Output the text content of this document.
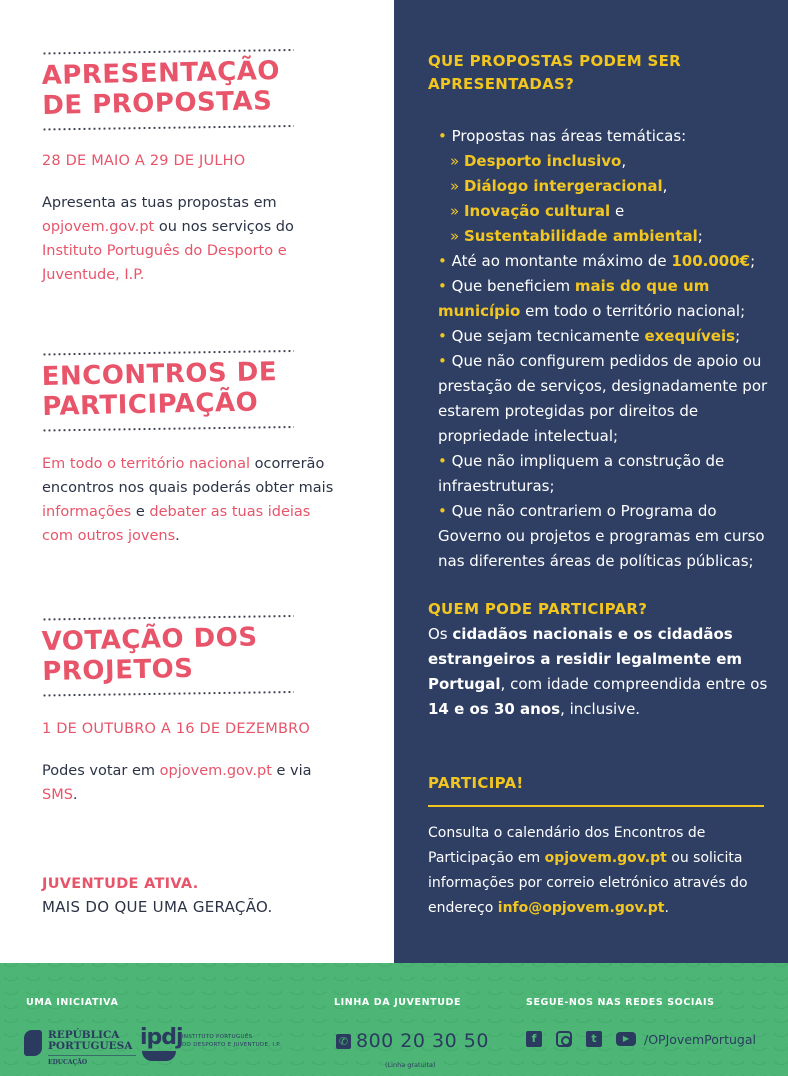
APRESENTAÇÃO
DE PROPOSTAS
28 DE MAIO A 29 DE JULHO
Apresenta as tuas propostas em opjovem.gov.pt ou nos serviços do Instituto Português do Desporto e Juventude, I.P.
ENCONTROS DE
PARTICIPAÇÃO
Em todo o território nacional ocorrerão encontros nos quais poderás obter mais informações e debater as tuas ideias com outros jovens.
VOTAÇÃO DOS
PROJETOS
1 DE OUTUBRO A 16 DE DEZEMBRO
Podes votar em opjovem.gov.pt e via SMS.
JUVENTUDE ATIVA.
MAIS DO QUE UMA GERAÇÃO.
QUE PROPOSTAS PODEM SER
APRESENTADAS?
• Propostas nas áreas temáticas:
» Desporto inclusivo,
» Diálogo intergeracional,
» Inovação cultural e
» Sustentabilidade ambiental;
• Até ao montante máximo de 100.000€;
• Que beneficiem mais do que um município em todo o território nacional;
• Que sejam tecnicamente exequíveis;
• Que não configurem pedidos de apoio ou prestação de serviços, designadamente por estarem protegidas por direitos de propriedade intelectual;
• Que não impliquem a construção de infraestruturas;
• Que não contrariem o Programa do Governo ou projetos e programas em curso nas diferentes áreas de políticas públicas;
QUEM PODE PARTICIPAR?
Os cidadãos nacionais e os cidadãos estrangeiros a residir legalmente em Portugal, com idade compreendida entre os 14 e os 30 anos, inclusive.
PARTICIPA!
Consulta o calendário dos Encontros de Participação em opjovem.gov.pt ou solicita informações por correio eletrónico através do endereço info@opjovem.gov.pt.
UMA INICIATIVA
REPÚBLICA
PORTUGUESA
EDUCAÇÃO
ipdj INSTITUTO PORTUGUÊS
DO DESPORTO E JUVENTUDE, I.P.
LINHA DA JUVENTUDE
✆ 800 20 30 50
(Linha gratuita)
SEGUE-NOS NAS REDES SOCIAIS
f	t	▶	/OPJovemPortugal
